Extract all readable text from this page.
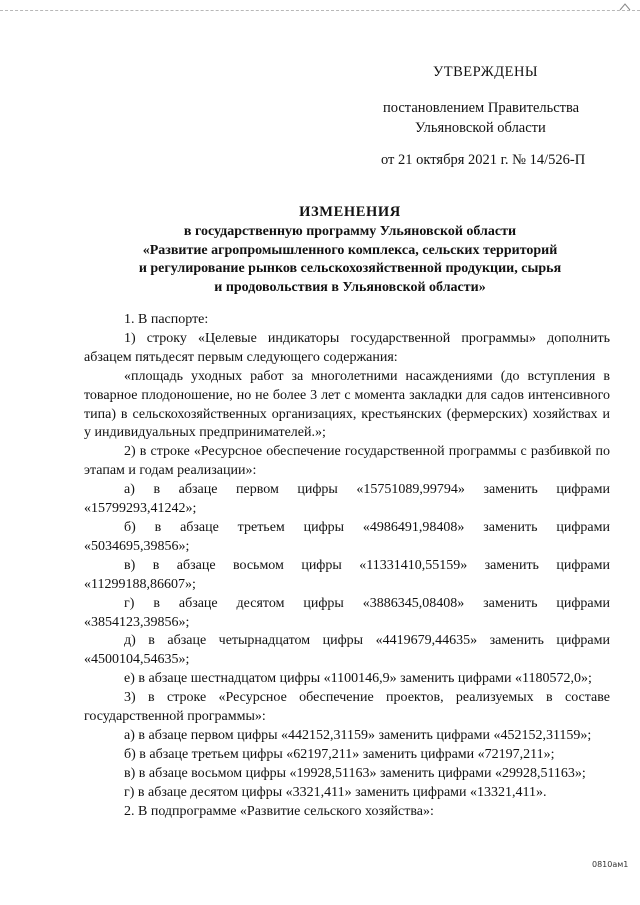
УТВЕРЖДЕНЫ
постановлением Правительства
Ульяновской области
от 21 октября 2021 г. № 14/526-П
ИЗМЕНЕНИЯ
в государственную программу Ульяновской области
«Развитие агропромышленного комплекса, сельских территорий
и регулирование рынков сельскохозяйственной продукции, сырья
и продовольствия в Ульяновской области»

1. В паспорте:

1) строку «Целевые индикаторы государственной программы» дополнить абзацем пятьдесят первым следующего содержания:

«площадь уходных работ за многолетними насаждениями (до вступления в товарное плодоношение, но не более 3 лет с момента закладки для садов интенсивного типа) в сельскохозяйственных организациях, крестьянских (фермерских) хозяйствах и у индивидуальных предпринимателей.»;

2) в строке «Ресурсное обеспечение государственной программы с разбивкой по этапам и годам реализации»:

а) в абзаце первом цифры «15751089,99794» заменить цифрами «15799293,41242»;

б) в абзаце третьем цифры «4986491,98408» заменить цифрами «5034695,39856»;

в) в абзаце восьмом цифры «11331410,55159» заменить цифрами «11299188,86607»;

г) в абзаце десятом цифры «3886345,08408» заменить цифрами «3854123,39856»;

д) в абзаце четырнадцатом цифры «4419679,44635» заменить цифрами «4500104,54635»;

е) в абзаце шестнадцатом цифры «1100146,9» заменить цифрами «1180572,0»;

3) в строке «Ресурсное обеспечение проектов, реализуемых в составе государственной программы»:

а) в абзаце первом цифры «442152,31159» заменить цифрами «452152,31159»;

б) в абзаце третьем цифры «62197,211» заменить цифрами «72197,211»;

в) в абзаце восьмом цифры «19928,51163» заменить цифрами «29928,51163»;

г) в абзаце десятом цифры «3321,411» заменить цифрами «13321,411».

2. В подпрограмме «Развитие сельского хозяйства»:

0810ам1
